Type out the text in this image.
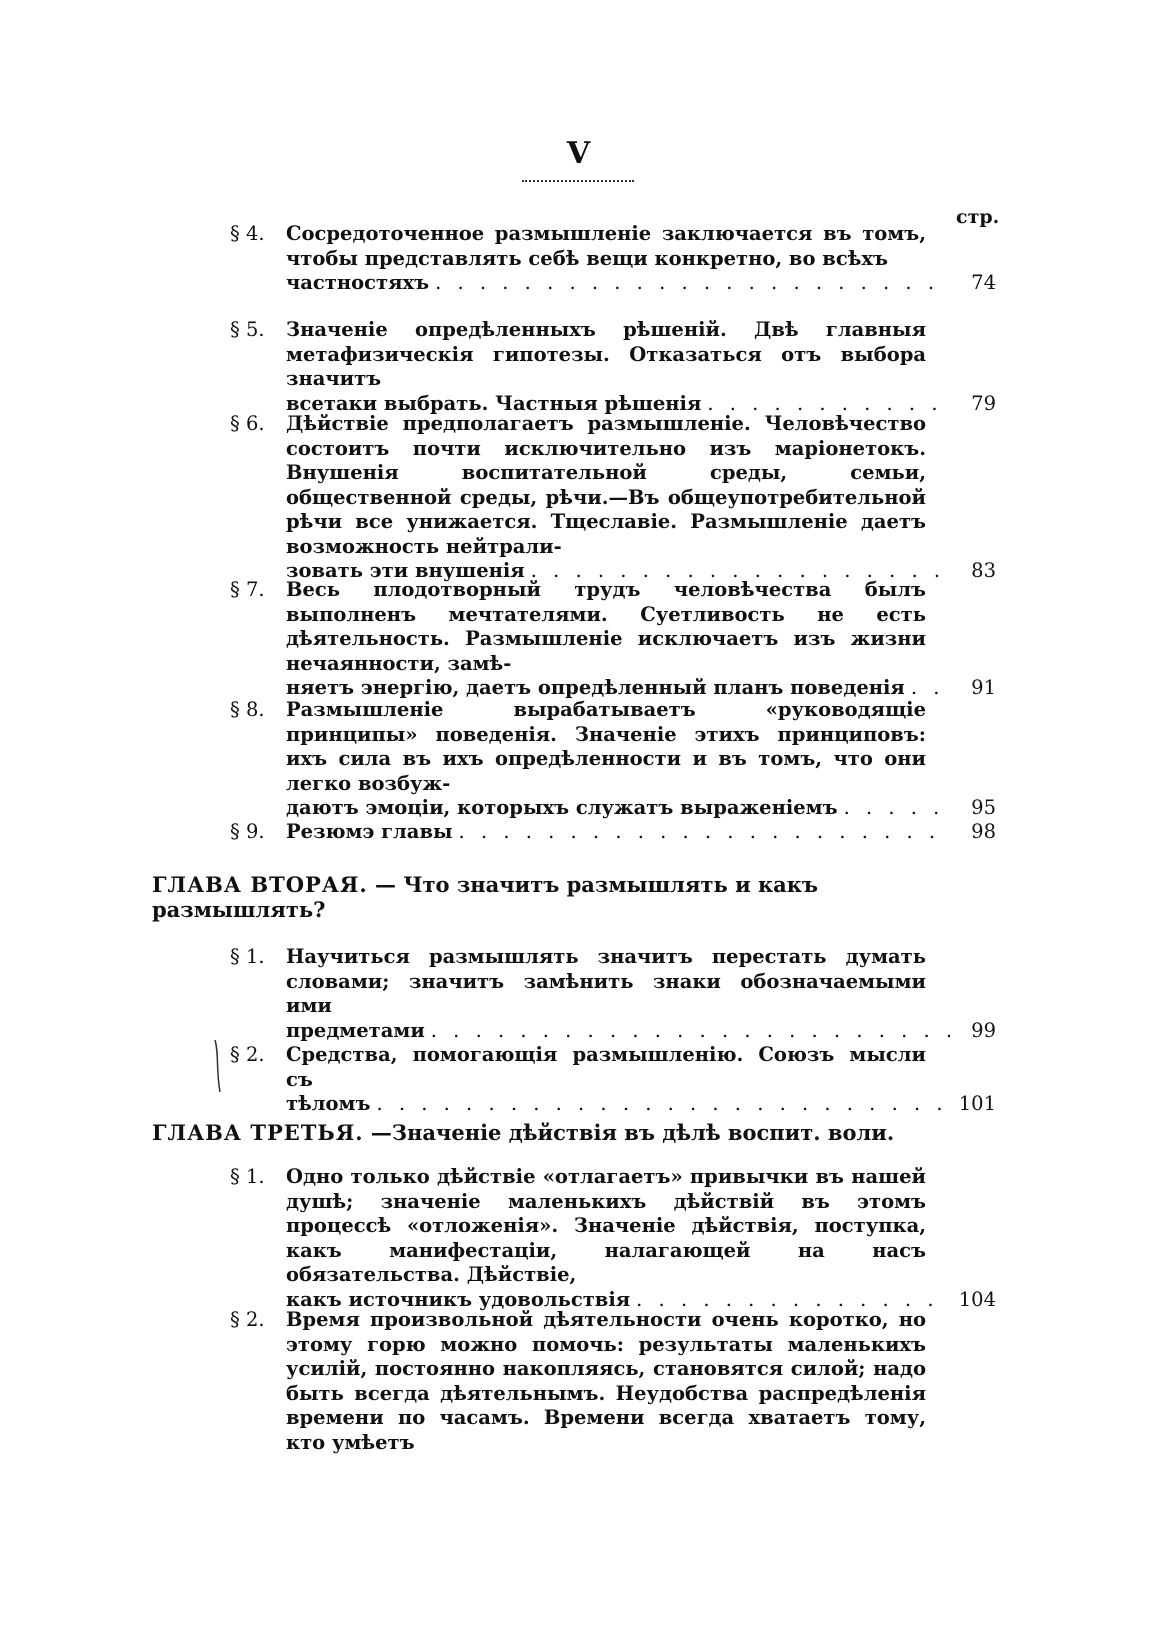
V
стр.
§ 4.	Сосредоточенное размышленіе заключается въ томъ, чтобы представлять себѣ вещи конкретно, во всѣхъ
частностяхъ . . .	74
§ 5.	Значеніе опредѣленныхъ рѣшеній. Двѣ главныя метафизическія гипотезы. Отказаться отъ выбора значитъ
всетаки выбрать. Частныя рѣшенія . . .	79
§ 6.	Дѣйствіе предполагаетъ размышленіе. Человѣчество состоитъ почти исключительно изъ маріонетокъ. Внушенія воспитательной среды, семьи, общественной среды, рѣчи.—Въ общеупотребительной рѣчи все унижается. Тщеславіе. Размышленіе даетъ возможность нейтрали-
зовать эти внушенія . . .	83
§ 7.	Весь плодотворный трудъ человѣчества былъ выполненъ мечтателями. Суетливость не есть дѣятельность. Размышленіе исключаетъ изъ жизни нечаянности, замѣ-
няетъ энергію, даетъ опредѣленный планъ поведенія . . .	91
§ 8.	Размышленіе вырабатываетъ «руководящіе принципы» поведенія. Значеніе этихъ принциповъ: ихъ сила въ ихъ опредѣленности и въ томъ, что они легко возбуж-
даютъ эмоціи, которыхъ служатъ выраженіемъ . . .	95
§ 9.	Резюмэ главы . . .	98
ГЛАВА ВТОРАЯ. — Что значитъ размышлять и какъ размышлять?
§ 1.	Научиться размышлять значитъ перестать думать словами; значитъ замѣнить знаки обозначаемыми ими
предметами . . .	99
§ 2.	Средства, помогающія размышленію. Союзъ мысли съ
тѣломъ . . .	101
ГЛАВА ТРЕТЬЯ. —Значеніе дѣйствія въ дѣлѣ воспит. воли.
§ 1.	Одно только дѣйствіе «отлагаетъ» привычки въ нашей душѣ; значеніе маленькихъ дѣйствій въ этомъ процессѣ «отложенія». Значеніе дѣйствія, поступка, какъ манифестаціи, налагающей на насъ обязательства. Дѣйствіе,
какъ источникъ удовольствія . . .	104
§ 2.	Время произвольной дѣятельности очень коротко, но этому горю можно помочь: результаты маленькихъ усилій, постоянно накопляясь, становятся силой; надо быть всегда дѣятельнымъ. Неудобства распредѣленія времени по часамъ. Времени всегда хватаетъ тому, кто умѣетъ
